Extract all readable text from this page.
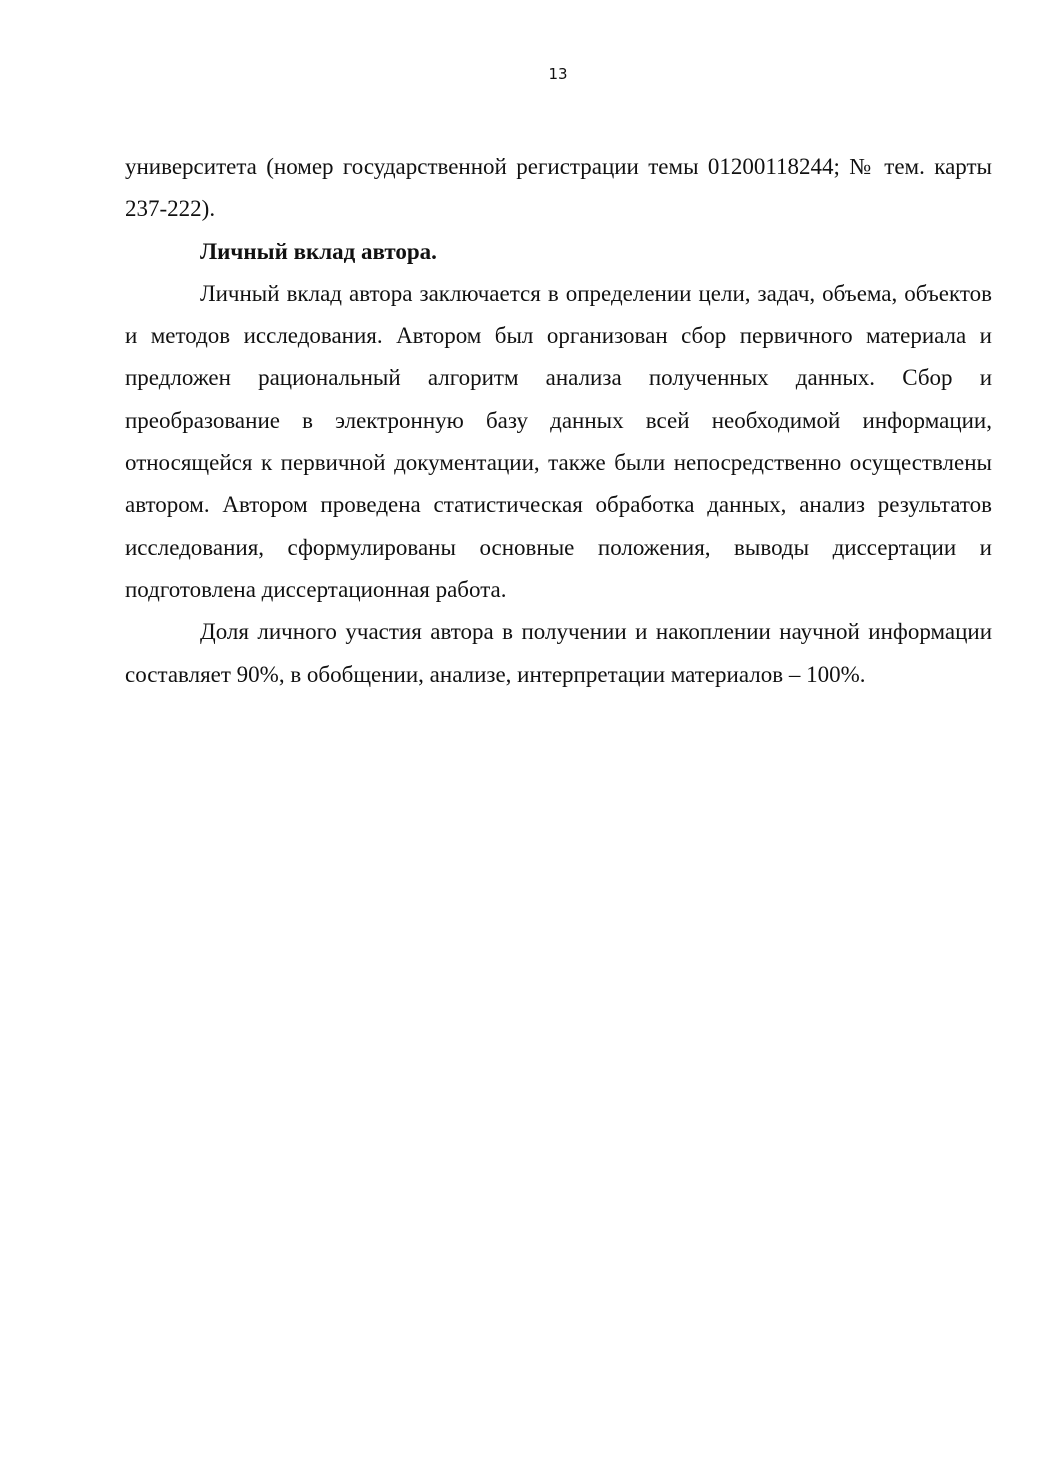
13

университета (номер государственной регистрации темы 01200118244; № тем. карты 237-222).

Личный вклад автора.

Личный вклад автора заключается в определении цели, задач, объема, объектов и методов исследования. Автором был организован сбор первичного материала и предложен рациональный алгоритм анализа полученных данных. Сбор и преобразование в электронную базу данных всей необходимой информации, относящейся к первичной документации, также были непосредственно осуществлены автором. Автором проведена статистическая обработка данных, анализ результатов исследования, сформулированы основные положения, выводы диссертации и подготовлена диссертационная работа.

Доля личного участия автора в получении и накоплении научной информации составляет 90%, в обобщении, анализе, интерпретации материалов – 100%.
